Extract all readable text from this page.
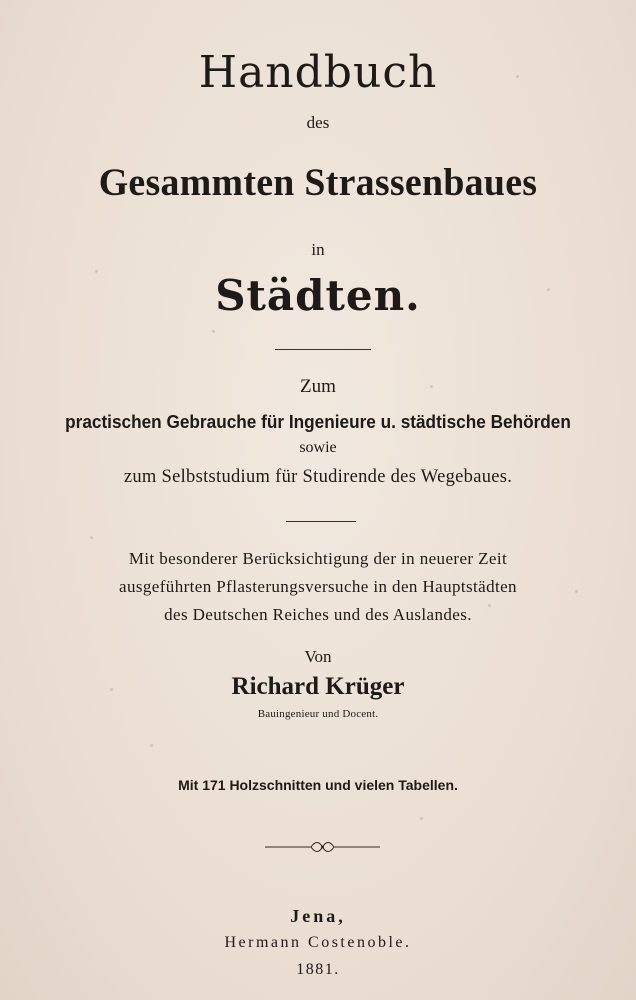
Handbuch
des
Gesammten Strassenbaues
in
Städten.
Zum
practischen Gebrauche für Ingenieure u. städtische Behörden
sowie
zum Selbststudium für Studirende des Wegebaues.
Mit besonderer Berücksichtigung der in neuerer Zeit
ausgeführten Pflasterungsversuche in den Hauptstädten
des Deutschen Reiches und des Auslandes.
Von
Richard Krüger
Bauingenieur und Docent.
Mit 171 Holzschnitten und vielen Tabellen.
Jena,
Hermann Costenoble.
1881.
